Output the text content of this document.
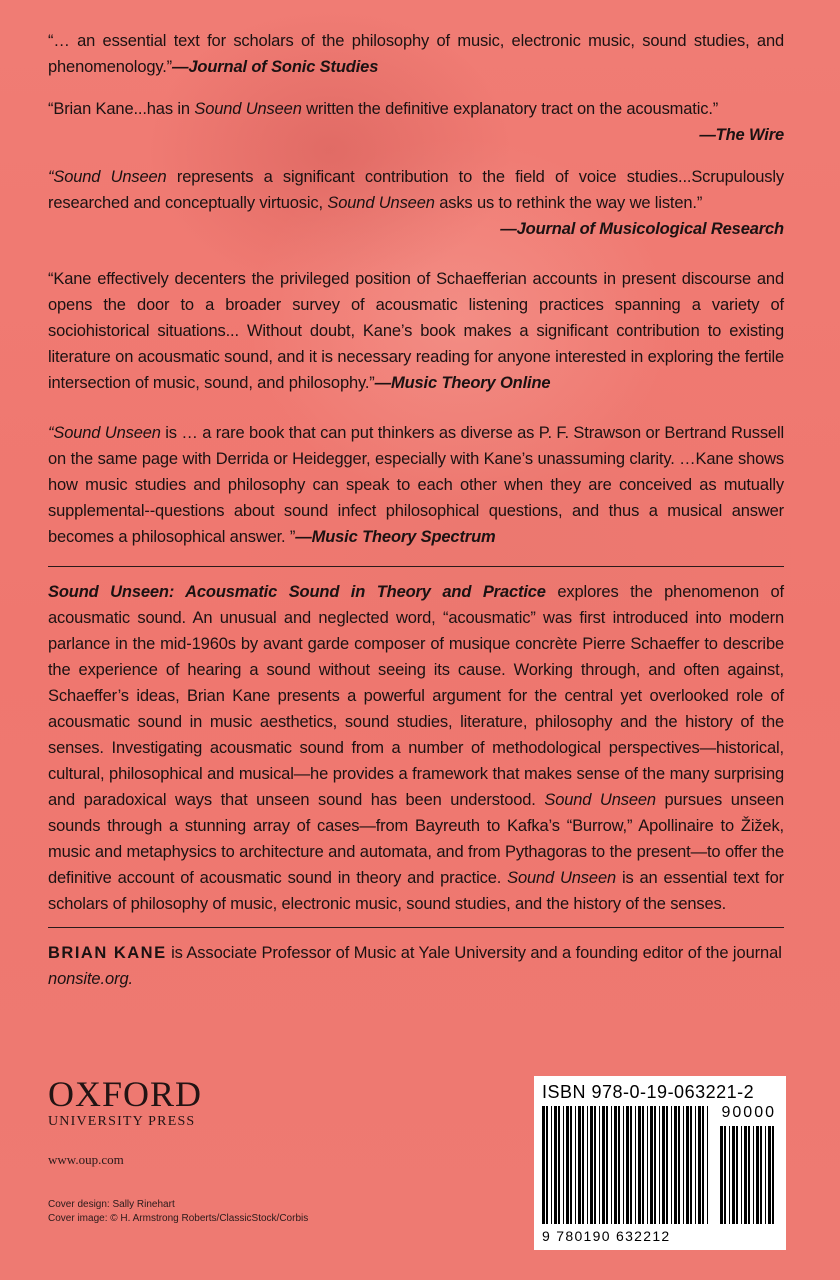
“… an essential text for scholars of the philosophy of music, electronic music, sound studies, and phenomenology.”—Journal of Sonic Studies

“Brian Kane...has in Sound Unseen written the definitive explanatory tract on the acousmatic.”
—The Wire

“Sound Unseen represents a significant contribution to the field of voice studies...Scrupulously researched and conceptually virtuosic, Sound Unseen asks us to rethink the way we listen.”
—Journal of Musicological Research

“Kane effectively decenters the privileged position of Schaefferian accounts in present discourse and opens the door to a broader survey of acousmatic listening practices spanning a variety of sociohistorical situations... Without doubt, Kane’s book makes a significant contribution to existing literature on acousmatic sound, and it is necessary reading for anyone interested in exploring the fertile intersection of music, sound, and philosophy.”—Music Theory Online

“Sound Unseen is … a rare book that can put thinkers as diverse as P. F. Strawson or Bertrand Russell on the same page with Derrida or Heidegger, especially with Kane’s unassuming clarity. …Kane shows how music studies and philosophy can speak to each other when they are conceived as mutually supplemental--questions about sound infect philosophical questions, and thus a musical answer becomes a philosophical answer. ”—Music Theory Spectrum

Sound Unseen: Acousmatic Sound in Theory and Practice explores the phenomenon of acousmatic sound. An unusual and neglected word, “acousmatic” was first introduced into modern parlance in the mid-1960s by avant garde composer of musique concrète Pierre Schaeffer to describe the experience of hearing a sound without seeing its cause. Working through, and often against, Schaeffer’s ideas, Brian Kane presents a powerful argument for the central yet overlooked role of acousmatic sound in music aesthetics, sound studies, literature, philosophy and the history of the senses. Investigating acousmatic sound from a number of methodological perspectives—historical, cultural, philosophical and musical—he provides a framework that makes sense of the many surprising and paradoxical ways that unseen sound has been understood. Sound Unseen pursues unseen sounds through a stunning array of cases—from Bayreuth to Kafka’s “Burrow,” Apollinaire to Žižek, music and metaphysics to architecture and automata, and from Pythagoras to the present—to offer the definitive account of acousmatic sound in theory and practice. Sound Unseen is an essential text for scholars of philosophy of music, electronic music, sound studies, and the history of the senses.

BRIAN KANE is Associate Professor of Music at Yale University and a founding editor of the journal nonsite.org.

OXFORD
UNIVERSITY PRESS
www.oup.com
Cover design: Sally Rinehart
Cover image: © H. Armstrong Roberts/ClassicStock/Corbis
ISBN 978-0-19-063221-2
90000
9 780190 632212
